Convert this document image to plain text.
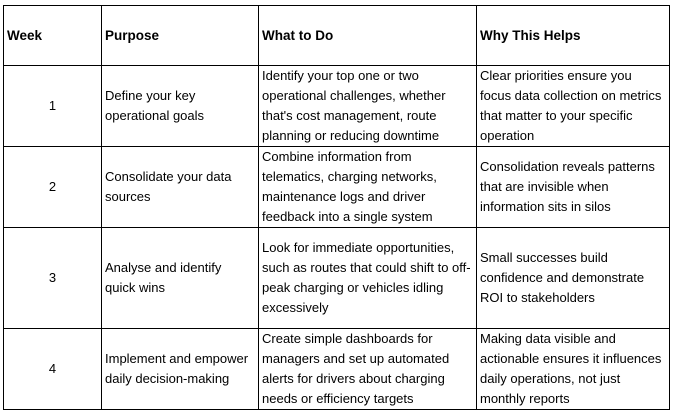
Week	Purpose	What to Do	Why This Helps
1	Define your key operational goals	Identify your top one or two operational challenges, whether that's cost management, route planning or reducing downtime	Clear priorities ensure you focus data collection on metrics that matter to your specific operation
2	Consolidate your data sources	Combine information from telematics, charging networks, maintenance logs and driver feedback into a single system	Consolidation reveals patterns that are invisible when information sits in silos
3	Analyse and identify quick wins	Look for immediate opportunities, such as routes that could shift to off-peak charging or vehicles idling excessively	Small successes build confidence and demonstrate ROI to stakeholders
4	Implement and empower daily decision-making	Create simple dashboards for managers and set up automated alerts for drivers about charging needs or efficiency targets	Making data visible and actionable ensures it influences daily operations, not just monthly reports
